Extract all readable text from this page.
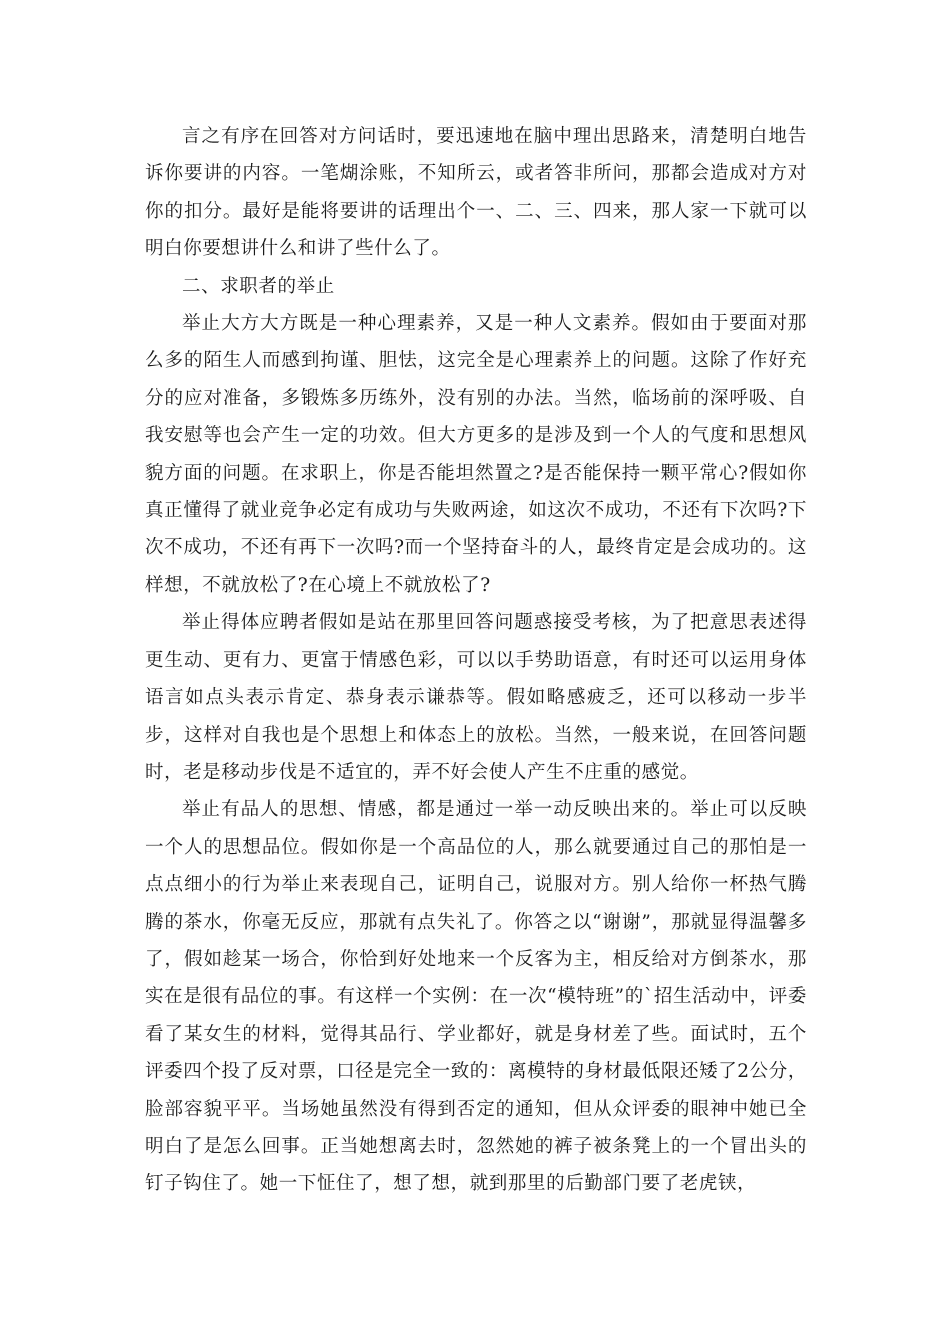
言之有序在回答对方问话时，要迅速地在脑中理出思路来，清楚明白地告诉你要讲的内容。一笔煳涂账，不知所云，或者答非所问，那都会造成对方对你的扣分。最好是能将要讲的话理出个一、二、三、四来，那人家一下就可以明白你要想讲什么和讲了些什么了。

二、求职者的举止

举止大方大方既是一种心理素养，又是一种人文素养。假如由于要面对那么多的陌生人而感到拘谨、胆怯，这完全是心理素养上的问题。这除了作好充分的应对准备，多锻炼多历练外，没有别的办法。当然，临场前的深呼吸、自我安慰等也会产生一定的功效。但大方更多的是涉及到一个人的气度和思想风貌方面的问题。在求职上，你是否能坦然置之?是否能保持一颗平常心?假如你真正懂得了就业竞争必定有成功与失败两途，如这次不成功，不还有下次吗?下次不成功，不还有再下一次吗?而一个坚持奋斗的人，最终肯定是会成功的。这样想，不就放松了?在心境上不就放松了?

举止得体应聘者假如是站在那里回答问题惑接受考核，为了把意思表述得更生动、更有力、更富于情感色彩，可以以手势助语意，有时还可以运用身体语言如点头表示肯定、恭身表示谦恭等。假如略感疲乏，还可以移动一步半步，这样对自我也是个思想上和体态上的放松。当然，一般来说，在回答问题时，老是移动步伐是不适宜的，弄不好会使人产生不庄重的感觉。

举止有品人的思想、情感，都是通过一举一动反映出来的。举止可以反映一个人的思想品位。假如你是一个高品位的人，那么就要通过自己的那怕是一点点细小的行为举止来表现自己，证明自己，说服对方。别人给你一杯热气腾腾的茶水，你毫无反应，那就有点失礼了。你答之以“谢谢”，那就显得温馨多了，假如趁某一场合，你恰到好处地来一个反客为主，相反给对方倒茶水，那实在是很有品位的事。有这样一个实例：在一次“模特班”的`招生活动中，评委看了某女生的材料，觉得其品行、学业都好，就是身材差了些。面试时，五个评委四个投了反对票，口径是完全一致的：离模特的身材最低限还矮了2公分，脸部容貌平平。当场她虽然没有得到否定的通知，但从众评委的眼神中她已全明白了是怎么回事。正当她想离去时，忽然她的裤子被条凳上的一个冒出头的钉子钩住了。她一下怔住了，想了想，就到那里的后勤部门要了老虎铗，
